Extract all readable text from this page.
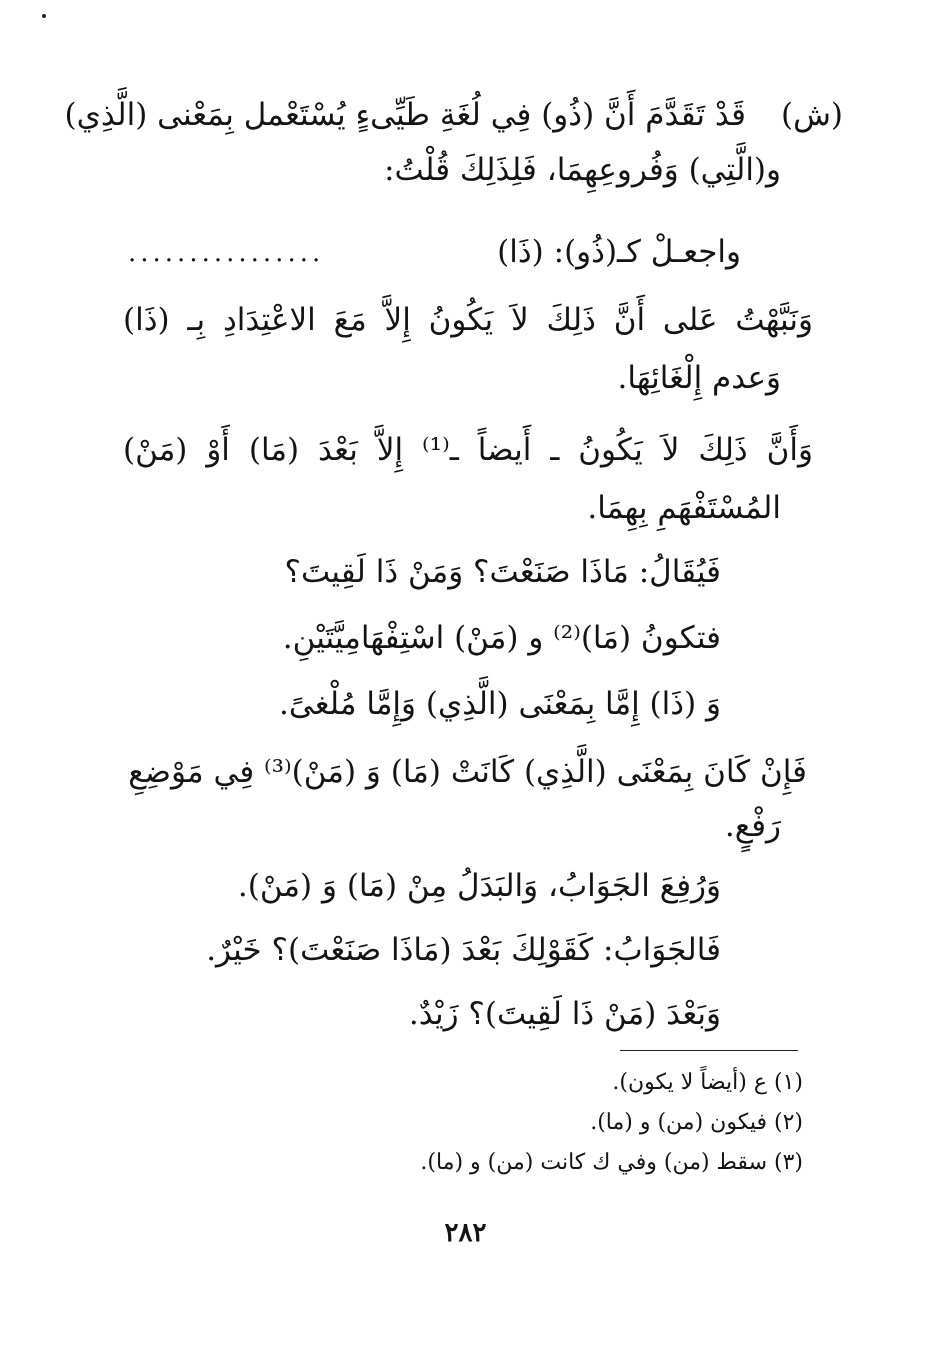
(ش)
قَدْ تَقَدَّمَ أَنَّ (ذُو) فِي لُغَةِ طَيِّىءٍ يُسْتَعْمل بِمَعْنى (الَّذِي)
و(الَّتِي) وَفُروعِهِمَا، فَلِذَلِكَ قُلْتُ:
واجعـلْ كـ(ذُو): (ذَا)
................
وَنَبَّهْتُ عَلى أَنَّ ذَلِكَ لاَ يَكُونُ إِلاَّ مَعَ الاعْتِدَادِ بِـ (ذَا)
وَعدم إِلْغَائِهَا.
وَأَنَّ ذَلِكَ لاَ يَكُونُ ـ أَيضاً ـ⁽¹⁾ إِلاَّ بَعْدَ (مَا) أَوْ (مَنْ)
المُسْتَفْهَمِ بِهِمَا.
فَيُقَالُ: مَاذَا صَنَعْتَ؟ وَمَنْ ذَا لَقِيتَ؟
فتكونُ (مَا)⁽²⁾ و (مَنْ) اسْتِفْهَامِيَّتَيْنِ.
وَ (ذَا) إِمَّا بِمَعْنَى (الَّذِي) وَإِمَّا مُلْغىً.
فَإِنْ كَانَ بِمَعْنَى (الَّذِي) كَانَتْ (مَا) وَ (مَنْ)⁽³⁾ فِي مَوْضِعِ
رَفْعٍ.
وَرُفِعَ الجَوَابُ، وَالبَدَلُ مِنْ (مَا) وَ (مَنْ).
فَالجَوَابُ: كَقَوْلِكَ بَعْدَ (مَاذَا صَنَعْتَ)؟ خَيْرٌ.
وَبَعْدَ (مَنْ ذَا لَقِيتَ)؟ زَيْدٌ.
(١) ع (أيضاً لا يكون).
(٢) فيكون (من) و (ما).
(٣) سقط (من) وفي ك كانت (من) و (ما).
٢٨٢
